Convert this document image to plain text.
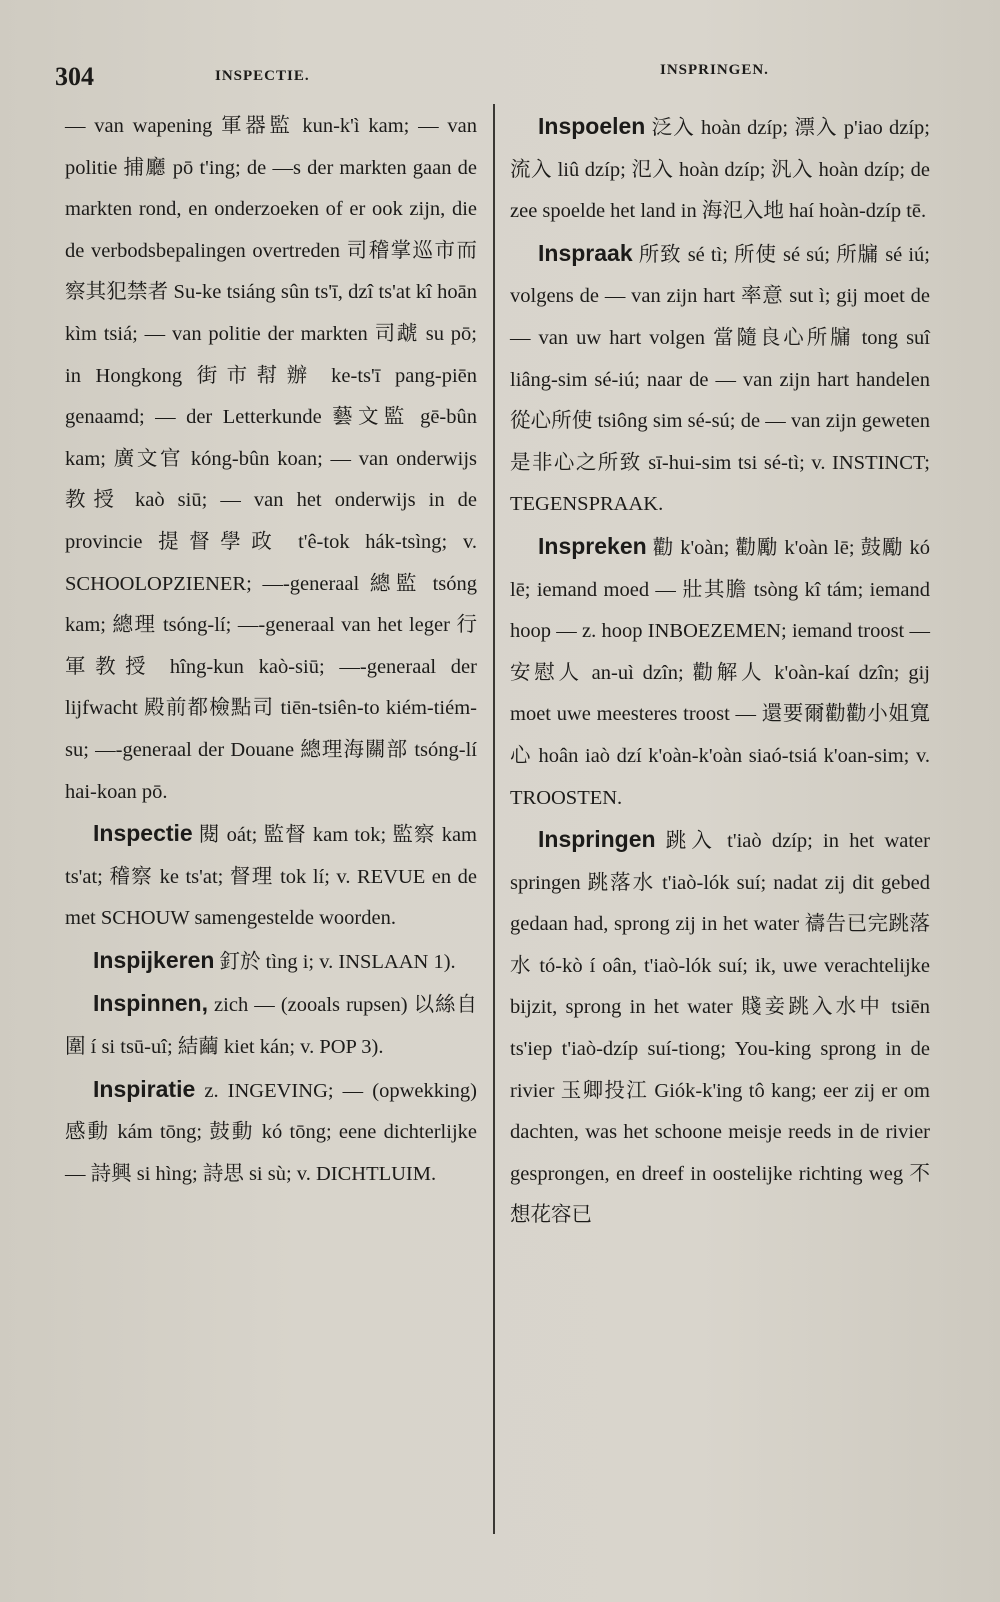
304	INSPECTIE.	INSPRINGEN.

— van wapening 軍器監 kun-k'ì kam; — van politie 捕廳 pō t'ing; de —s der markten gaan de markten rond, en onderzoeken of er ook zijn, die de verbodsbepalingen overtreden 司稽掌巡市而察其犯禁者 Su-ke tsiáng sûn ts'ī, dzî ts'at kî hoān kìm tsiá; — van politie der markten 司虣 su pō; in Hongkong 街市幇辦 ke-ts'ī pang-piēn genaamd; — der Letterkunde 藝文監 gē-bûn kam; 廣文官 kóng-bûn koan; — van onderwijs 教授 kaò siū; — van het onderwijs in de provincie 提督學政 t'ê-tok hák-tsìng; v. SCHOOLOPZIENER; —-generaal 總監 tsóng kam; 總理 tsóng-lí; —-generaal van het leger 行軍教授 hîng-kun kaò-siū; —-generaal der lijfwacht 殿前都檢點司 tiēn-tsiên-to kiém-tiém-su; —-generaal der Douane 總理海關部 tsóng-lí hai-koan pō.

Inspectie 閱 oát; 監督 kam tok; 監察 kam ts'at; 稽察 ke ts'at; 督理 tok lí; v. REVUE en de met SCHOUW samengestelde woorden.

Inspijkeren 釘於 tìng i; v. INSLAAN 1).

Inspinnen, zich — (zooals rupsen) 以絲自圍 í si tsū-uî; 結繭 kiet kán; v. POP 3).

Inspiratie z. INGEVING; — (opwekking) 感動 kám tōng; 鼓動 kó tōng; eene dichterlijke — 詩興 si hìng; 詩思 si sù; v. DICHTLUIM.

Inspoelen 泛入 hoàn dzíp; 漂入 p'iao dzíp; 流入 liû dzíp; 氾入 hoàn dzíp; 汎入 hoàn dzíp; de zee spoelde het land in 海氾入地 haí hoàn-dzíp tē.

Inspraak 所致 sé tì; 所使 sé sú; 所牖 sé iú; volgens de — van zijn hart 率意 sut ì; gij moet de — van uw hart volgen 當隨良心所牖 tong suî liâng-sim sé-iú; naar de — van zijn hart handelen 從心所使 tsiông sim sé-sú; de — van zijn geweten 是非心之所致 sī-hui-sim tsi sé-tì; v. INSTINCT; TEGENSPRAAK.

Inspreken 勸 k'oàn; 勸勵 k'oàn lē; 鼓勵 kó lē; iemand moed — 壯其膽 tsòng kî tám; iemand hoop — z. hoop INBOEZEMEN; iemand troost — 安慰人 an-uì dzîn; 勸解人 k'oàn-kaí dzîn; gij moet uwe meesteres troost — 還要爾勸勸小姐寬心 hoân iaò dzí k'oàn-k'oàn siaó-tsiá k'oan-sim; v. TROOSTEN.

Inspringen 跳入 t'iaò dzíp; in het water springen 跳落水 t'iaò-lók suí; nadat zij dit gebed gedaan had, sprong zij in het water 禱告已完跳落水 tó-kò í oân, t'iaò-lók suí; ik, uwe verachtelijke bijzit, sprong in het water 賤妾跳入水中 tsiēn ts'iep t'iaò-dzíp suí-tiong; You-king sprong in de rivier 玉卿投江 Giók-k'ing tô kang; eer zij er om dachten, was het schoone meisje reeds in de rivier gesprongen, en dreef in oostelijke richting weg 不想花容已
